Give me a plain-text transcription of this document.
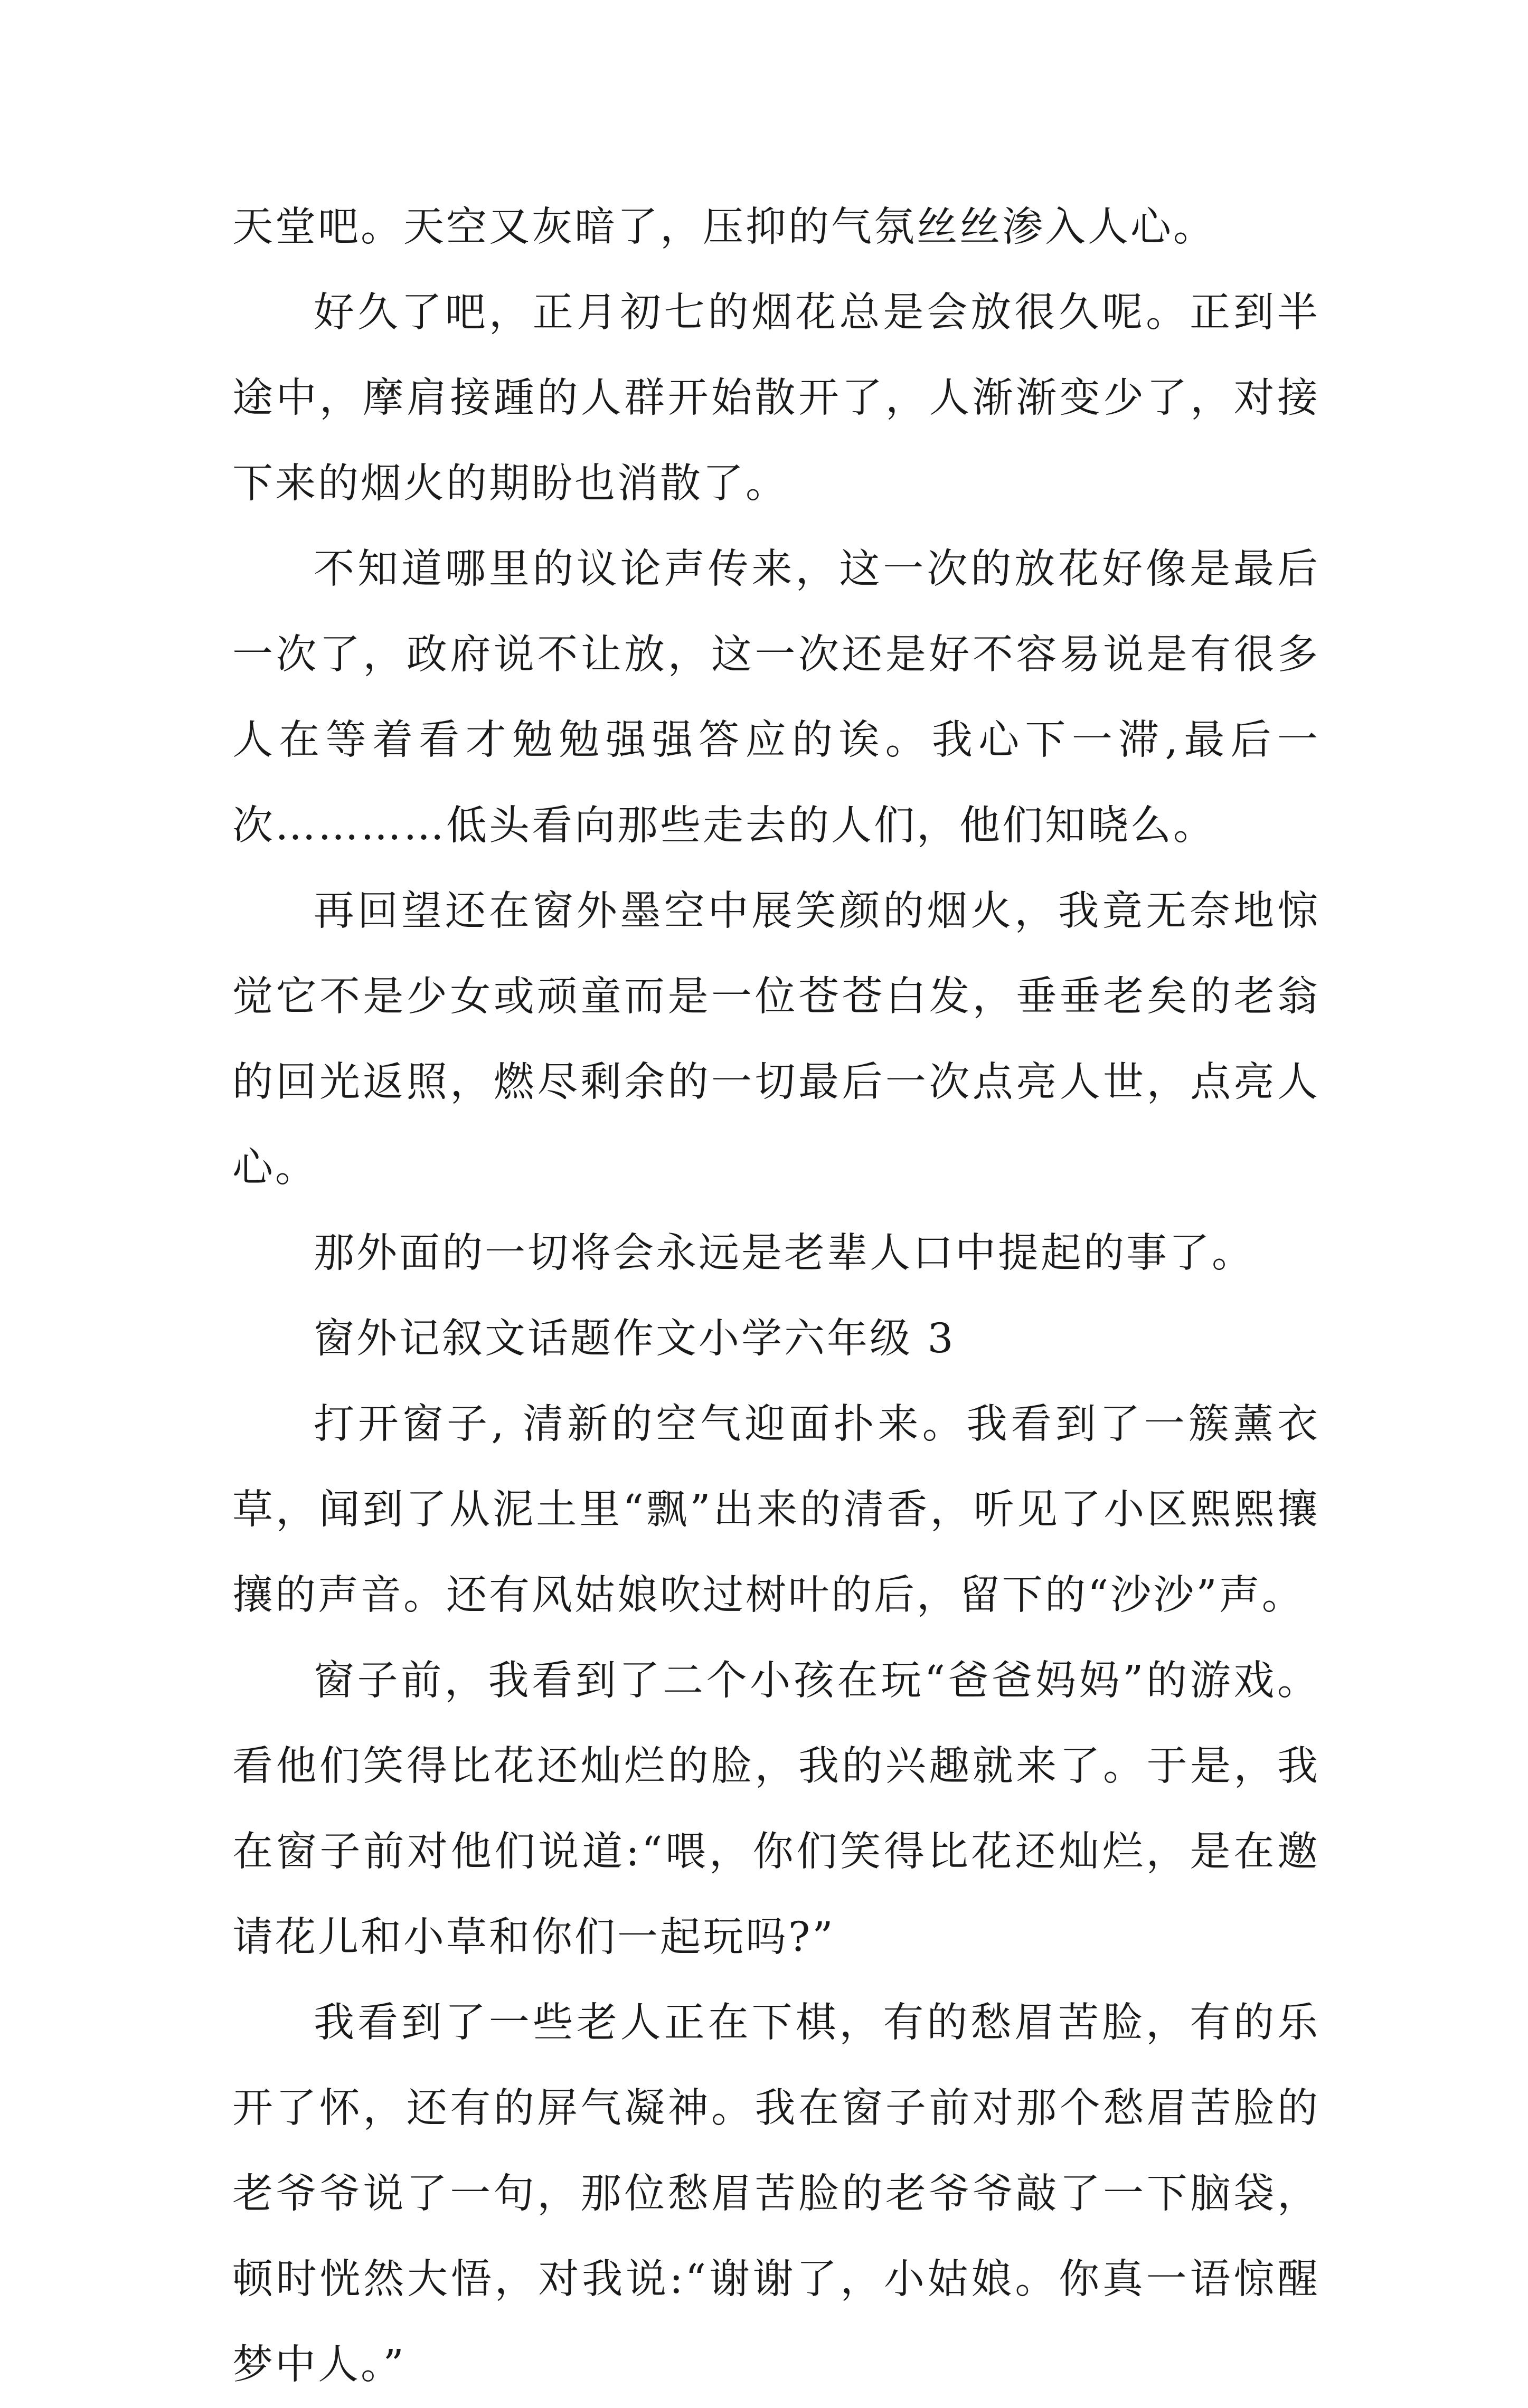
天堂吧。天空又灰暗了，压抑的气氛丝丝渗入人心。

好久了吧，正月初七的烟花总是会放很久呢。正到半途中，摩肩接踵的人群开始散开了，人渐渐变少了，对接下来的烟火的期盼也消散了。

不知道哪里的议论声传来，这一次的放花好像是最后一次了，政府说不让放，这一次还是好不容易说是有很多人在等着看才勉勉强强答应的诶。我心下一滞,最后一次…………低头看向那些走去的人们，他们知晓么。

再回望还在窗外墨空中展笑颜的烟火，我竟无奈地惊觉它不是少女或顽童而是一位苍苍白发，垂垂老矣的老翁的回光返照，燃尽剩余的一切最后一次点亮人世，点亮人心。

那外面的一切将会永远是老辈人口中提起的事了。

窗外记叙文话题作文小学六年级 3

打开窗子, 清新的空气迎面扑来。我看到了一簇薰衣草，闻到了从泥土里“飘”出来的清香，听见了小区熙熙攘攘的声音。还有风姑娘吹过树叶的后，留下的“沙沙”声。

窗子前，我看到了二个小孩在玩“爸爸妈妈”的游戏。看他们笑得比花还灿烂的脸，我的兴趣就来了。于是，我在窗子前对他们说道:“喂，你们笑得比花还灿烂，是在邀请花儿和小草和你们一起玩吗?”

我看到了一些老人正在下棋，有的愁眉苦脸，有的乐开了怀，还有的屏气凝神。我在窗子前对那个愁眉苦脸的老爷爷说了一句，那位愁眉苦脸的老爷爷敲了一下脑袋，顿时恍然大悟，对我说:“谢谢了，小姑娘。你真一语惊醒梦中人。”
